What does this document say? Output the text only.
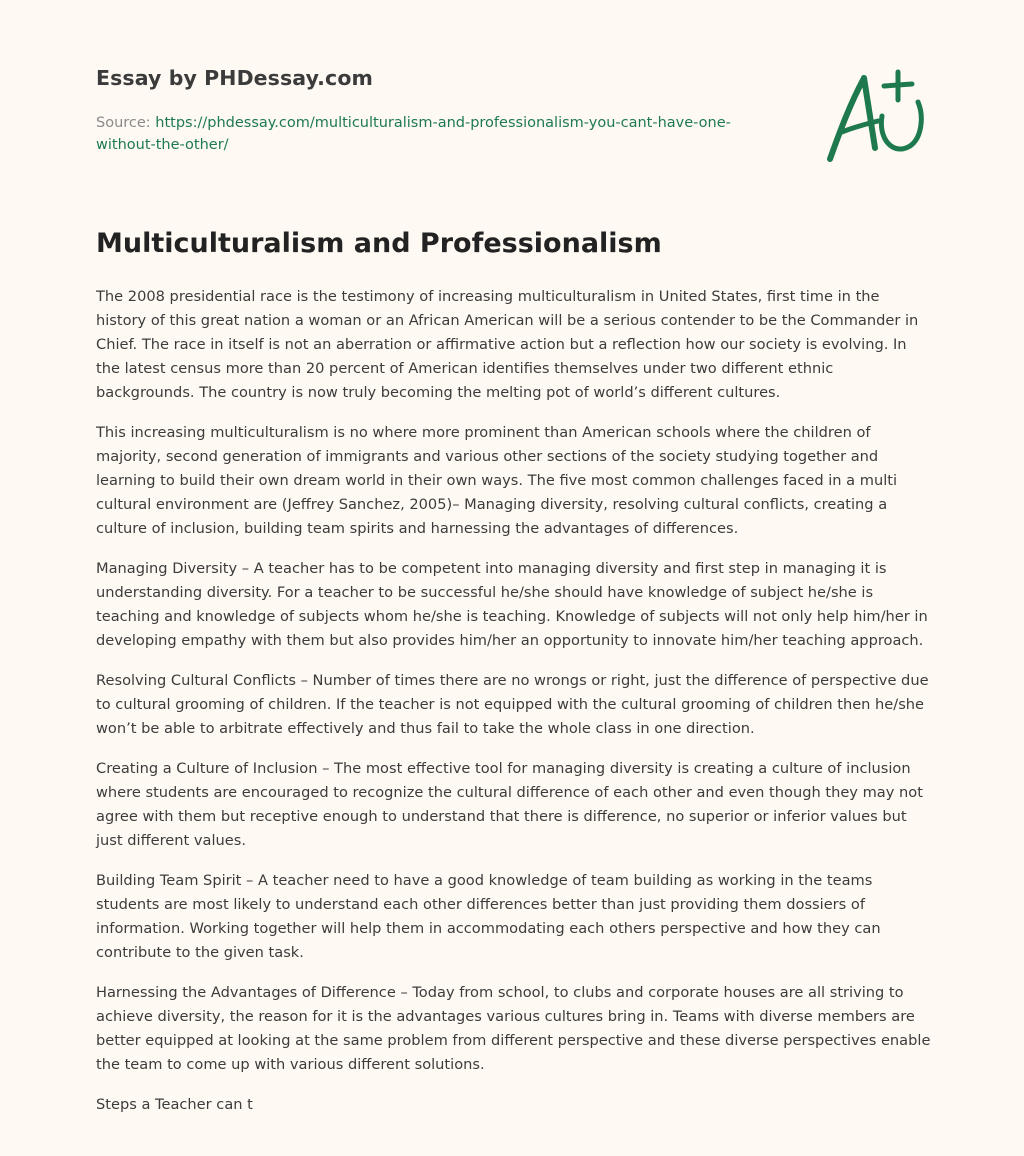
Essay by PHDessay.com
Source: https://phdessay.com/multiculturalism-and-professionalism-you-cant-have-one-without-the-other/
Multiculturalism and Professionalism

The 2008 presidential race is the testimony of increasing multiculturalism in United States, first time in the history of this great nation a woman or an African American will be a serious contender to be the Commander in Chief. The race in itself is not an aberration or affirmative action but a reflection how our society is evolving. In the latest census more than 20 percent of American identifies themselves under two different ethnic backgrounds. The country is now truly becoming the melting pot of world’s different cultures.

This increasing multiculturalism is no where more prominent than American schools where the children of majority, second generation of immigrants and various other sections of the society studying together and learning to build their own dream world in their own ways. The five most common challenges faced in a multi cultural environment are (Jeffrey Sanchez, 2005)– Managing diversity, resolving cultural conflicts, creating a culture of inclusion, building team spirits and harnessing the advantages of differences.

Managing Diversity – A teacher has to be competent into managing diversity and first step in managing it is understanding diversity. For a teacher to be successful he/she should have knowledge of subject he/she is teaching and knowledge of subjects whom he/she is teaching. Knowledge of subjects will not only help him/her in developing empathy with them but also provides him/her an opportunity to innovate him/her teaching approach.

Resolving Cultural Conflicts – Number of times there are no wrongs or right, just the difference of perspective due to cultural grooming of children. If the teacher is not equipped with the cultural grooming of children then he/she won’t be able to arbitrate effectively and thus fail to take the whole class in one direction.

Creating a Culture of Inclusion – The most effective tool for managing diversity is creating a culture of inclusion where students are encouraged to recognize the cultural difference of each other and even though they may not agree with them but receptive enough to understand that there is difference, no superior or inferior values but just different values.

Building Team Spirit – A teacher need to have a good knowledge of team building as working in the teams students are most likely to understand each other differences better than just providing them dossiers of information. Working together will help them in accommodating each others perspective and how they can contribute to the given task.

Harnessing the Advantages of Difference – Today from school, to clubs and corporate houses are all striving to achieve diversity, the reason for it is the advantages various cultures bring in. Teams with diverse members are better equipped at looking at the same problem from different perspective and these diverse perspectives enable the team to come up with various different solutions.

Steps a Teacher can t
